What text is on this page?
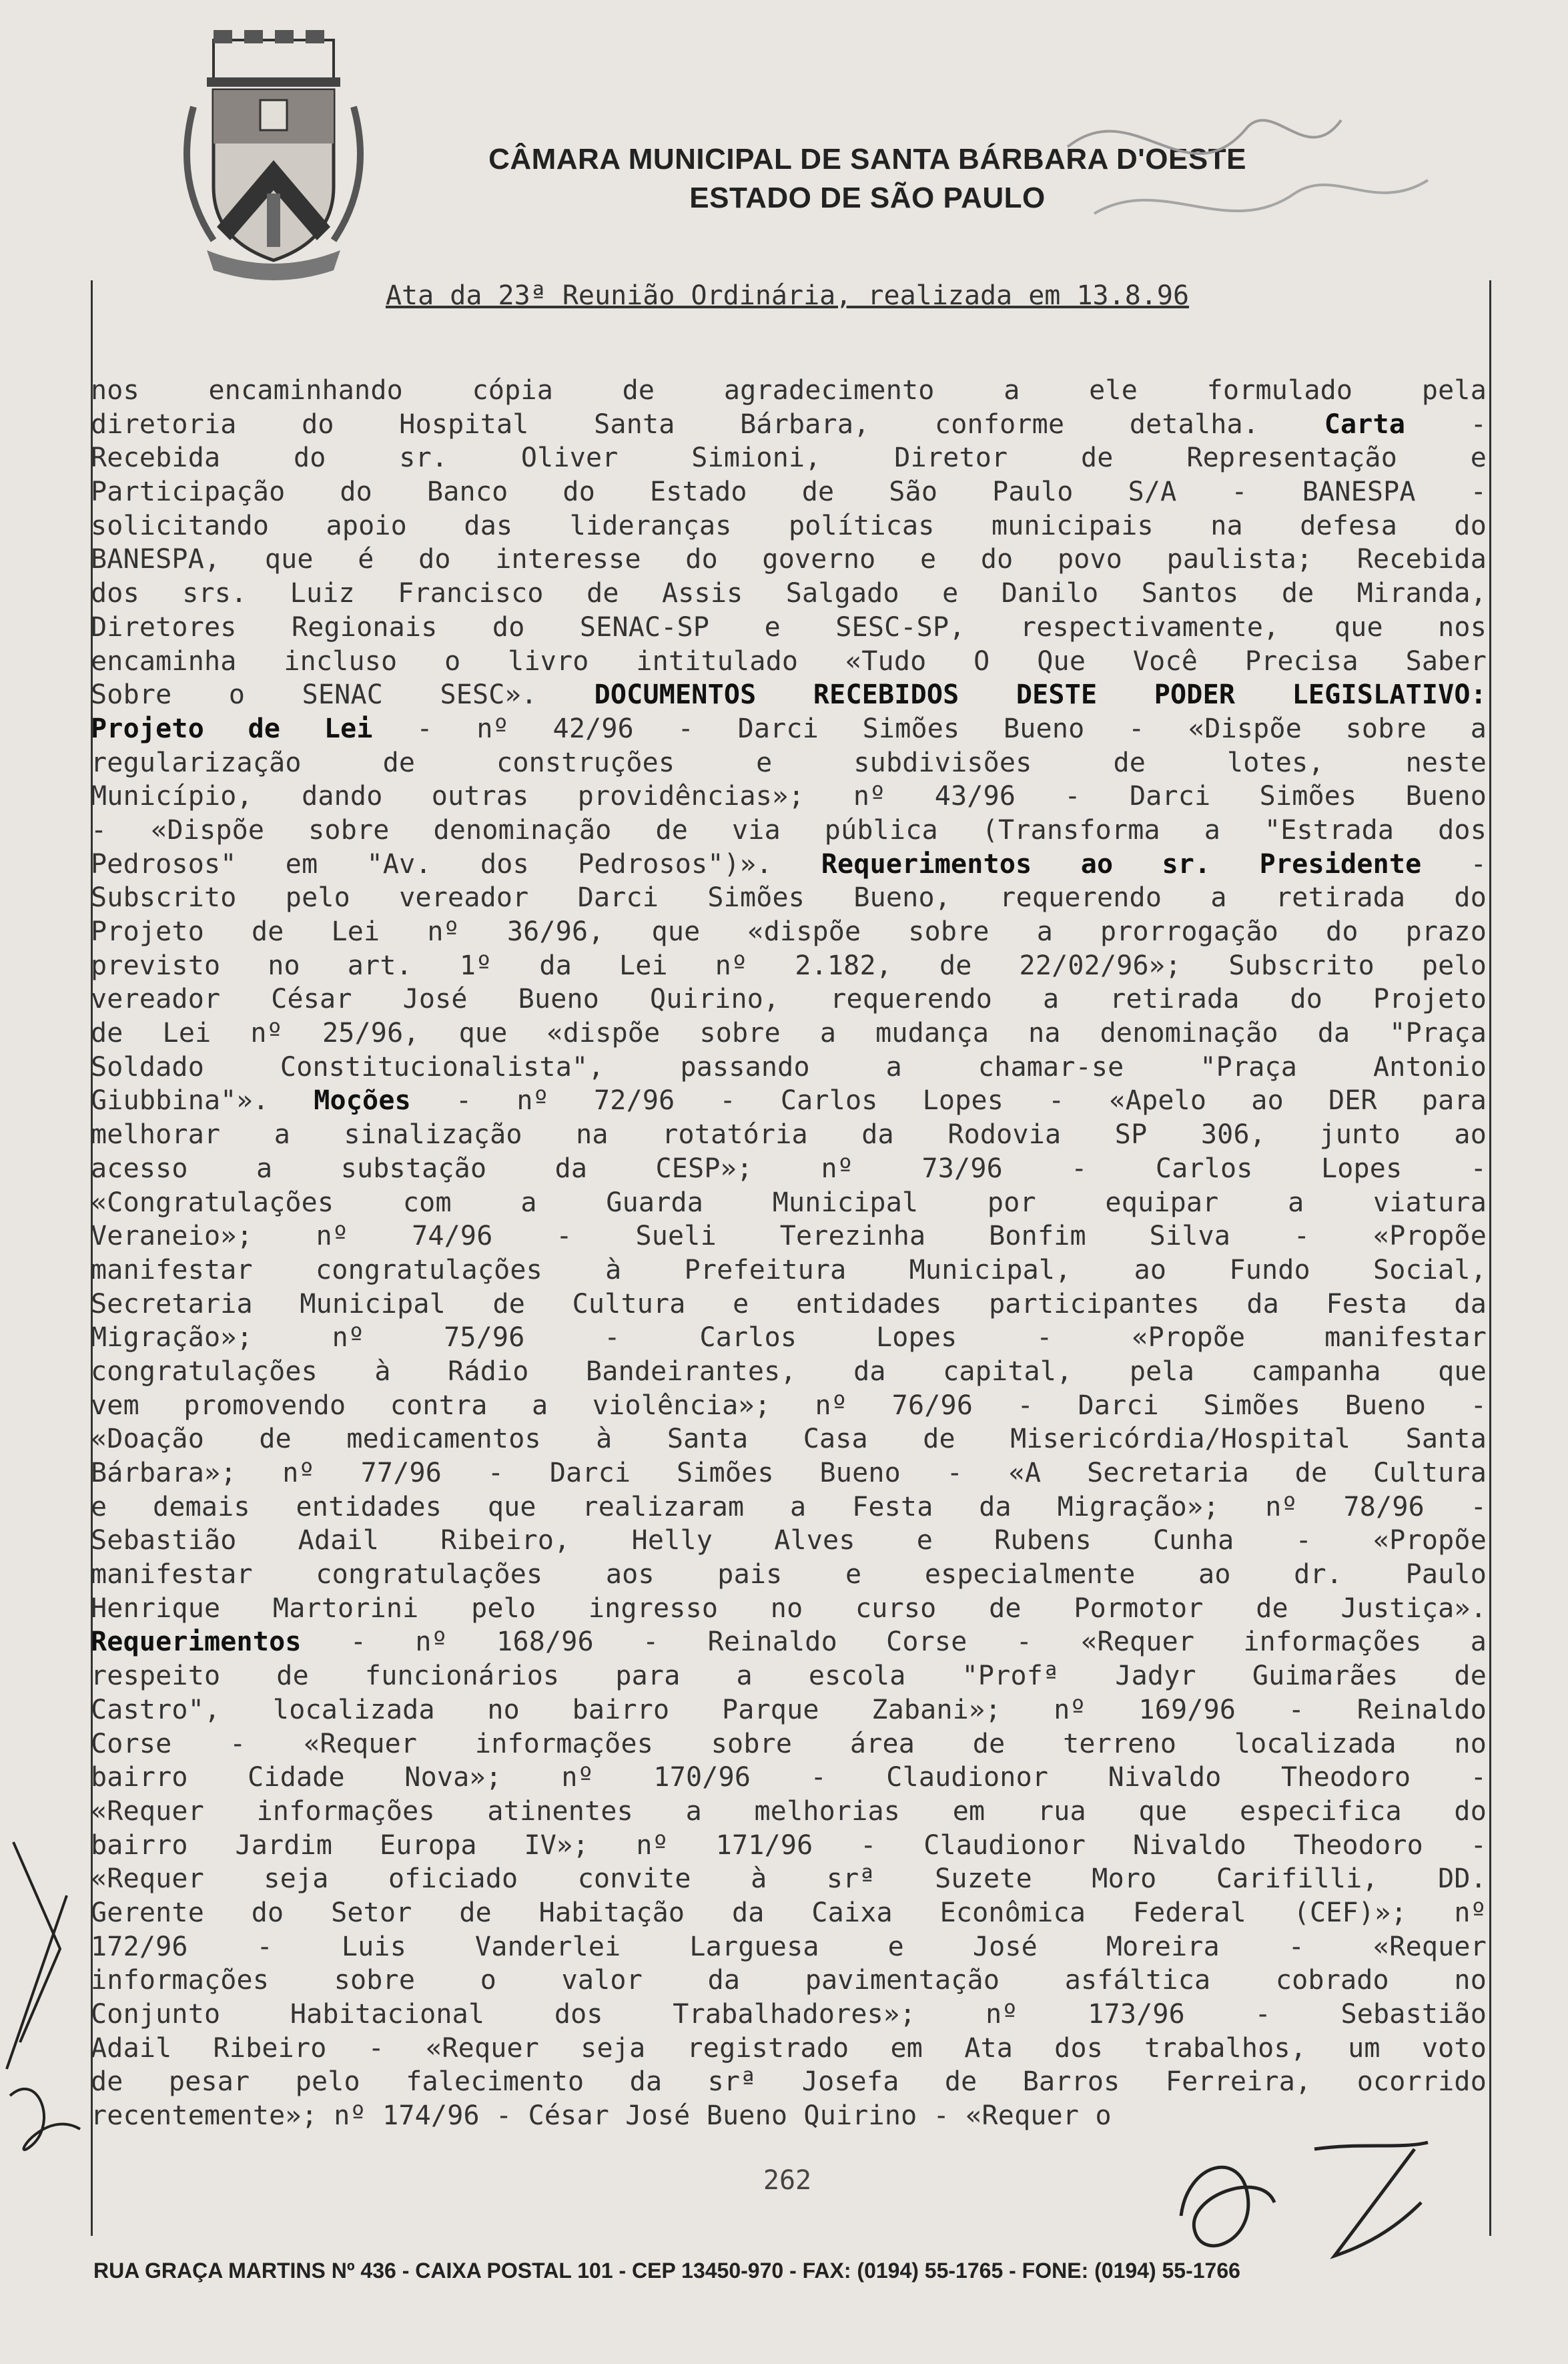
CÂMARA MUNICIPAL DE SANTA BÁRBARA D'OESTE
ESTADO DE SÃO PAULO
Ata da 23ª Reunião Ordinária, realizada em 13.8.96
nos encaminhando cópia de agradecimento a ele formulado pela
diretoria do Hospital Santa Bárbara, conforme detalha. Carta -
Recebida do sr. Oliver Simioni, Diretor de Representação e
Participação do Banco do Estado de São Paulo S/A - BANESPA -
solicitando apoio das lideranças políticas municipais na defesa do
BANESPA, que é do interesse do governo e do povo paulista; Recebida
dos srs. Luiz Francisco de Assis Salgado e Danilo Santos de Miranda,
Diretores Regionais do SENAC-SP e SESC-SP, respectivamente, que nos
encaminha incluso o livro intitulado «Tudo O Que Você Precisa Saber
Sobre o SENAC SESC». DOCUMENTOS RECEBIDOS DESTE PODER LEGISLATIVO:
Projeto de Lei - nº 42/96 - Darci Simões Bueno - «Dispõe sobre a
regularização de construções e subdivisões de lotes, neste
Município, dando outras providências»; nº 43/96 - Darci Simões Bueno
- «Dispõe sobre denominação de via pública (Transforma a "Estrada dos
Pedrosos" em "Av. dos Pedrosos")». Requerimentos ao sr. Presidente -
Subscrito pelo vereador Darci Simões Bueno, requerendo a retirada do
Projeto de Lei nº 36/96, que «dispõe sobre a prorrogação do prazo
previsto no art. 1º da Lei nº 2.182, de 22/02/96»; Subscrito pelo
vereador César José Bueno Quirino, requerendo a retirada do Projeto
de Lei nº 25/96, que «dispõe sobre a mudança na denominação da "Praça
Soldado Constitucionalista", passando a chamar-se "Praça Antonio
Giubbina"». Moções - nº 72/96 - Carlos Lopes - «Apelo ao DER para
melhorar a sinalização na rotatória da Rodovia SP 306, junto ao
acesso a substação da CESP»; nº 73/96 - Carlos Lopes -
«Congratulações com a Guarda Municipal por equipar a viatura
Veraneio»; nº 74/96 - Sueli Terezinha Bonfim Silva - «Propõe
manifestar congratulações à Prefeitura Municipal, ao Fundo Social,
Secretaria Municipal de Cultura e entidades participantes da Festa da
Migração»; nº 75/96 - Carlos Lopes - «Propõe manifestar
congratulações à Rádio Bandeirantes, da capital, pela campanha que
vem promovendo contra a violência»; nº 76/96 - Darci Simões Bueno -
«Doação de medicamentos à Santa Casa de Misericórdia/Hospital Santa
Bárbara»; nº 77/96 - Darci Simões Bueno - «A Secretaria de Cultura
e demais entidades que realizaram a Festa da Migração»; nº 78/96 -
Sebastião Adail Ribeiro, Helly Alves e Rubens Cunha - «Propõe
manifestar congratulações aos pais e especialmente ao dr. Paulo
Henrique Martorini pelo ingresso no curso de Pormotor de Justiça».
Requerimentos - nº 168/96 - Reinaldo Corse - «Requer informações a
respeito de funcionários para a escola "Profª Jadyr Guimarães de
Castro", localizada no bairro Parque Zabani»; nº 169/96 - Reinaldo
Corse - «Requer informações sobre área de terreno localizada no
bairro Cidade Nova»; nº 170/96 - Claudionor Nivaldo Theodoro -
«Requer informações atinentes a melhorias em rua que especifica do
bairro Jardim Europa IV»; nº 171/96 - Claudionor Nivaldo Theodoro -
«Requer seja oficiado convite à srª Suzete Moro Carifilli, DD.
Gerente do Setor de Habitação da Caixa Econômica Federal (CEF)»; nº
172/96 - Luis Vanderlei Larguesa e José Moreira - «Requer
informações sobre o valor da pavimentação asfáltica cobrado no
Conjunto Habitacional dos Trabalhadores»; nº 173/96 - Sebastião
Adail Ribeiro - «Requer seja registrado em Ata dos trabalhos, um voto
de pesar pelo falecimento da srª Josefa de Barros Ferreira, ocorrido
recentemente»; nº 174/96 - César José Bueno Quirino - «Requer o
262
RUA GRAÇA MARTINS Nº 436 - CAIXA POSTAL 101 - CEP 13450-970 - FAX: (0194) 55-1765 - FONE: (0194) 55-1766
